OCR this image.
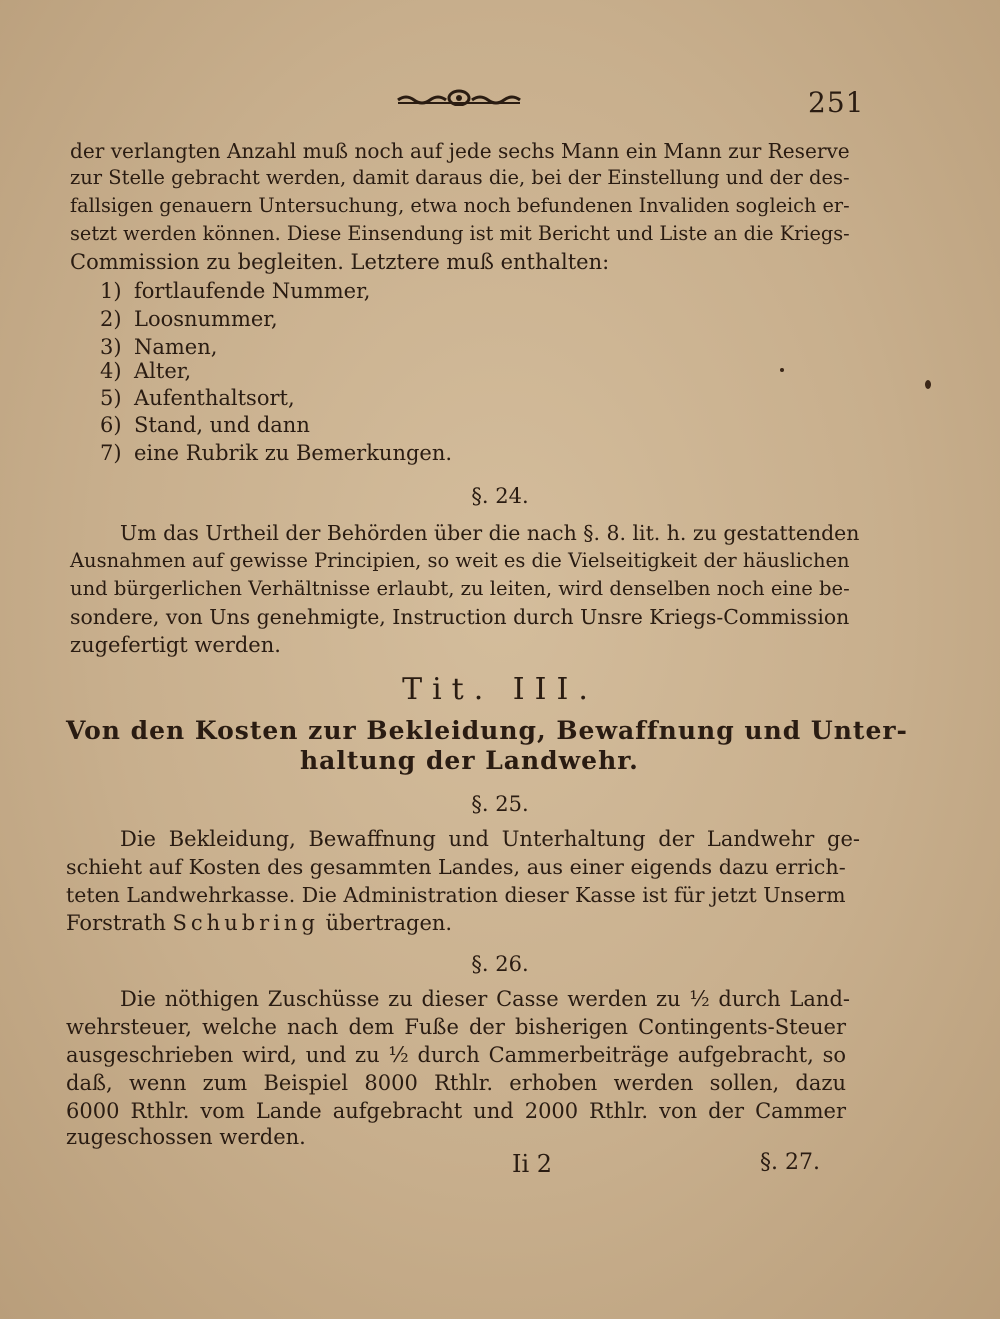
251
der verlangten Anzahl muß noch auf jede sechs Mann ein Mann zur Reserve
zur Stelle gebracht werden, damit daraus die, bei der Einstellung und der des-
fallsigen genauern Untersuchung, etwa noch befundenen Invaliden sogleich er-
setzt werden können. Diese Einsendung ist mit Bericht und Liste an die Kriegs-
Commission zu begleiten. Letztere muß enthalten:
1) fortlaufende Nummer,
2) Loosnummer,
3) Namen,
4) Alter,
5) Aufenthaltsort,
6) Stand, und dann
7) eine Rubrik zu Bemerkungen.
§. 24.
Um das Urtheil der Behörden über die nach §. 8. lit. h. zu gestattenden
Ausnahmen auf gewisse Principien, so weit es die Vielseitigkeit der häuslichen
und bürgerlichen Verhältnisse erlaubt, zu leiten, wird denselben noch eine be-
sondere, von Uns genehmigte, Instruction durch Unsre Kriegs-Commission
zugefertigt werden.
Tit. III.
Von den Kosten zur Bekleidung, Bewaffnung und Unter-
haltung der Landwehr.
§. 25.
Die Bekleidung, Bewaffnung und Unterhaltung der Landwehr ge-
schieht auf Kosten des gesammten Landes, aus einer eigends dazu errich-
teten Landwehrkasse. Die Administration dieser Kasse ist für jetzt Unserm
Forstrath Schubring übertragen.
§. 26.
Die nöthigen Zuschüsse zu dieser Casse werden zu ½ durch Land-
wehrsteuer, welche nach dem Fuße der bisherigen Contingents-Steuer
ausgeschrieben wird, und zu ½ durch Cammerbeiträge aufgebracht, so
daß, wenn zum Beispiel 8000 Rthlr. erhoben werden sollen, dazu
6000 Rthlr. vom Lande aufgebracht und 2000 Rthlr. von der Cammer
zugeschossen werden.
Ii 2	§. 27.
